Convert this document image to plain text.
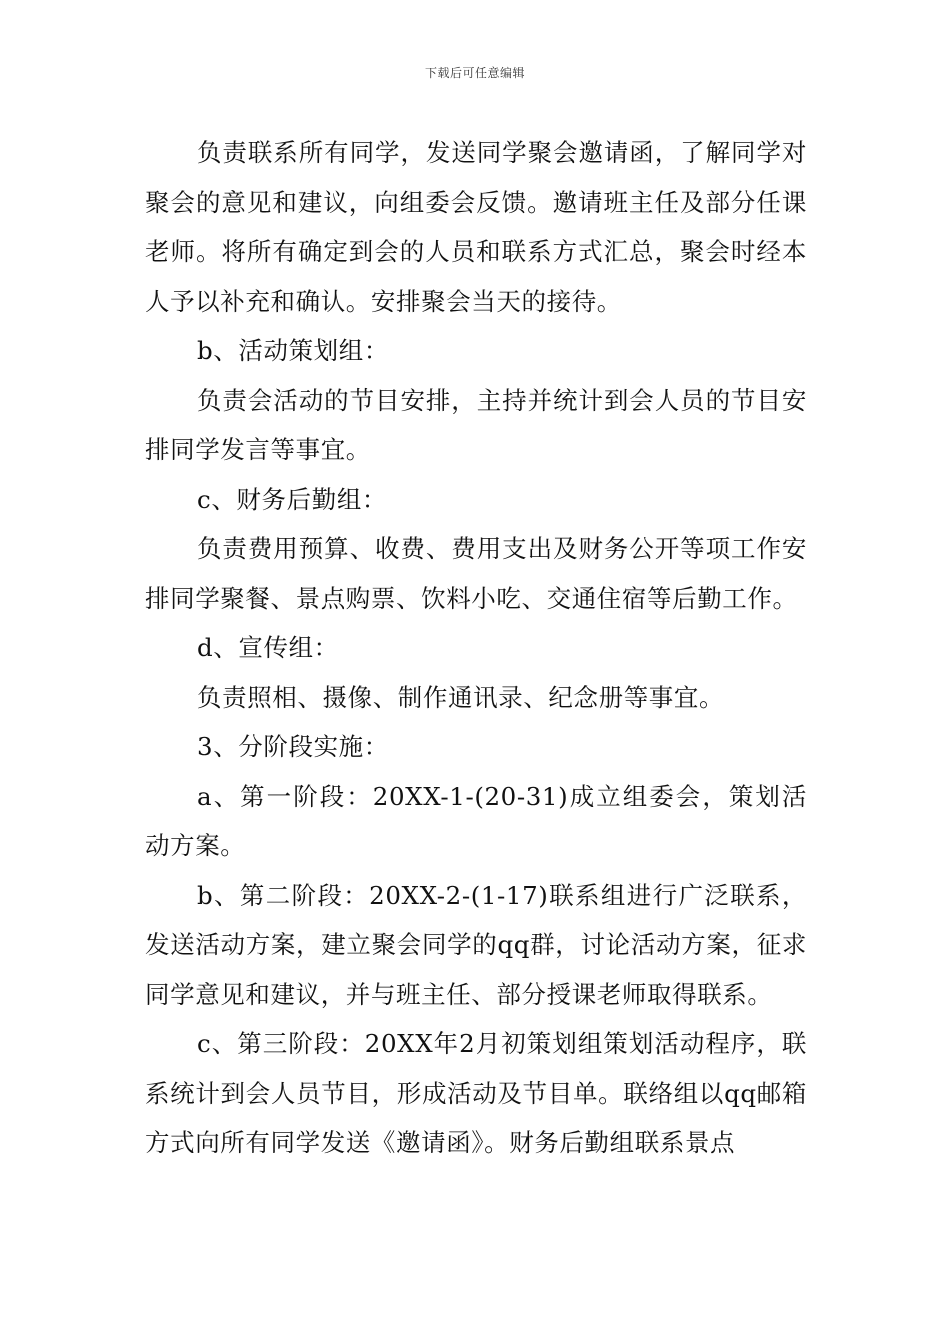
下载后可任意编辑

负责联系所有同学，发送同学聚会邀请函，了解同学对聚会的意见和建议，向组委会反馈。邀请班主任及部分任课老师。将所有确定到会的人员和联系方式汇总，聚会时经本人予以补充和确认。安排聚会当天的接待。

b、活动策划组：

负责会活动的节目安排，主持并统计到会人员的节目安排同学发言等事宜。

c、财务后勤组：

负责费用预算、收费、费用支出及财务公开等项工作安排同学聚餐、景点购票、饮料小吃、交通住宿等后勤工作。

d、宣传组：

负责照相、摄像、制作通讯录、纪念册等事宜。

3、分阶段实施：

a、第一阶段：20XX-1-(20-31)成立组委会，策划活动方案。

b、第二阶段：20XX-2-(1-17)联系组进行广泛联系，发送活动方案，建立聚会同学的qq群，讨论活动方案，征求同学意见和建议，并与班主任、部分授课老师取得联系。

c、第三阶段：20XX年2月初策划组策划活动程序，联系统计到会人员节目，形成活动及节目单。联络组以qq邮箱方式向所有同学发送《邀请函》。财务后勤组联系景点
